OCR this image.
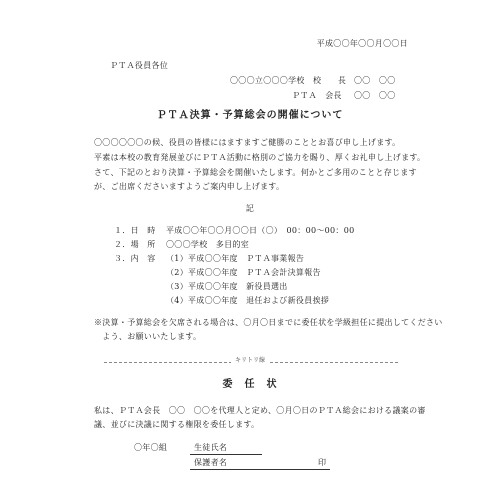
平成〇〇年〇〇月〇〇日
ＰＴＡ役員各位
〇〇〇立〇〇〇学校　校　　長 〇〇　〇〇
ＰＴＡ　会長 〇〇　〇〇
ＰＴＡ決算・予算総会の開催について
〇〇〇〇〇〇の候、役員の皆様にはますますご健勝のこととお喜び申し上げます。
平素は本校の教育発展並びにＰＴＡ活動に格別のご協力を賜り、厚くお礼申し上げます。
さて、下記のとおり決算・予算総会を開催いたします。何かとご多用のことと存じます
が、ご出席くださいますようご案内申し上げます。
記
１．日　時 平成〇〇年〇〇月〇〇日（〇）　00：00～00：00
２．場　所 〇〇〇学校　多目的室
３．内　容 （1）平成〇〇年度　ＰＴＡ事業報告
（2）平成〇〇年度　ＰＴＡ会計決算報告
（3）平成〇〇年度　新役員選出
（4）平成〇〇年度　退任および新役員挨拶
※決算・予算総会を欠席される場合は、〇月〇日までに委任状を学級担任に提出してください
　よう、お願いいたします。
キリトリ線
委　任　状
私は、ＰＴＡ会長　〇〇　〇〇を代理人と定め、〇月〇日のＰＴＡ総会における議案の審
議、並びに決議に関する権限を委任します。
〇年〇組	生徒氏名
保護者名	印
